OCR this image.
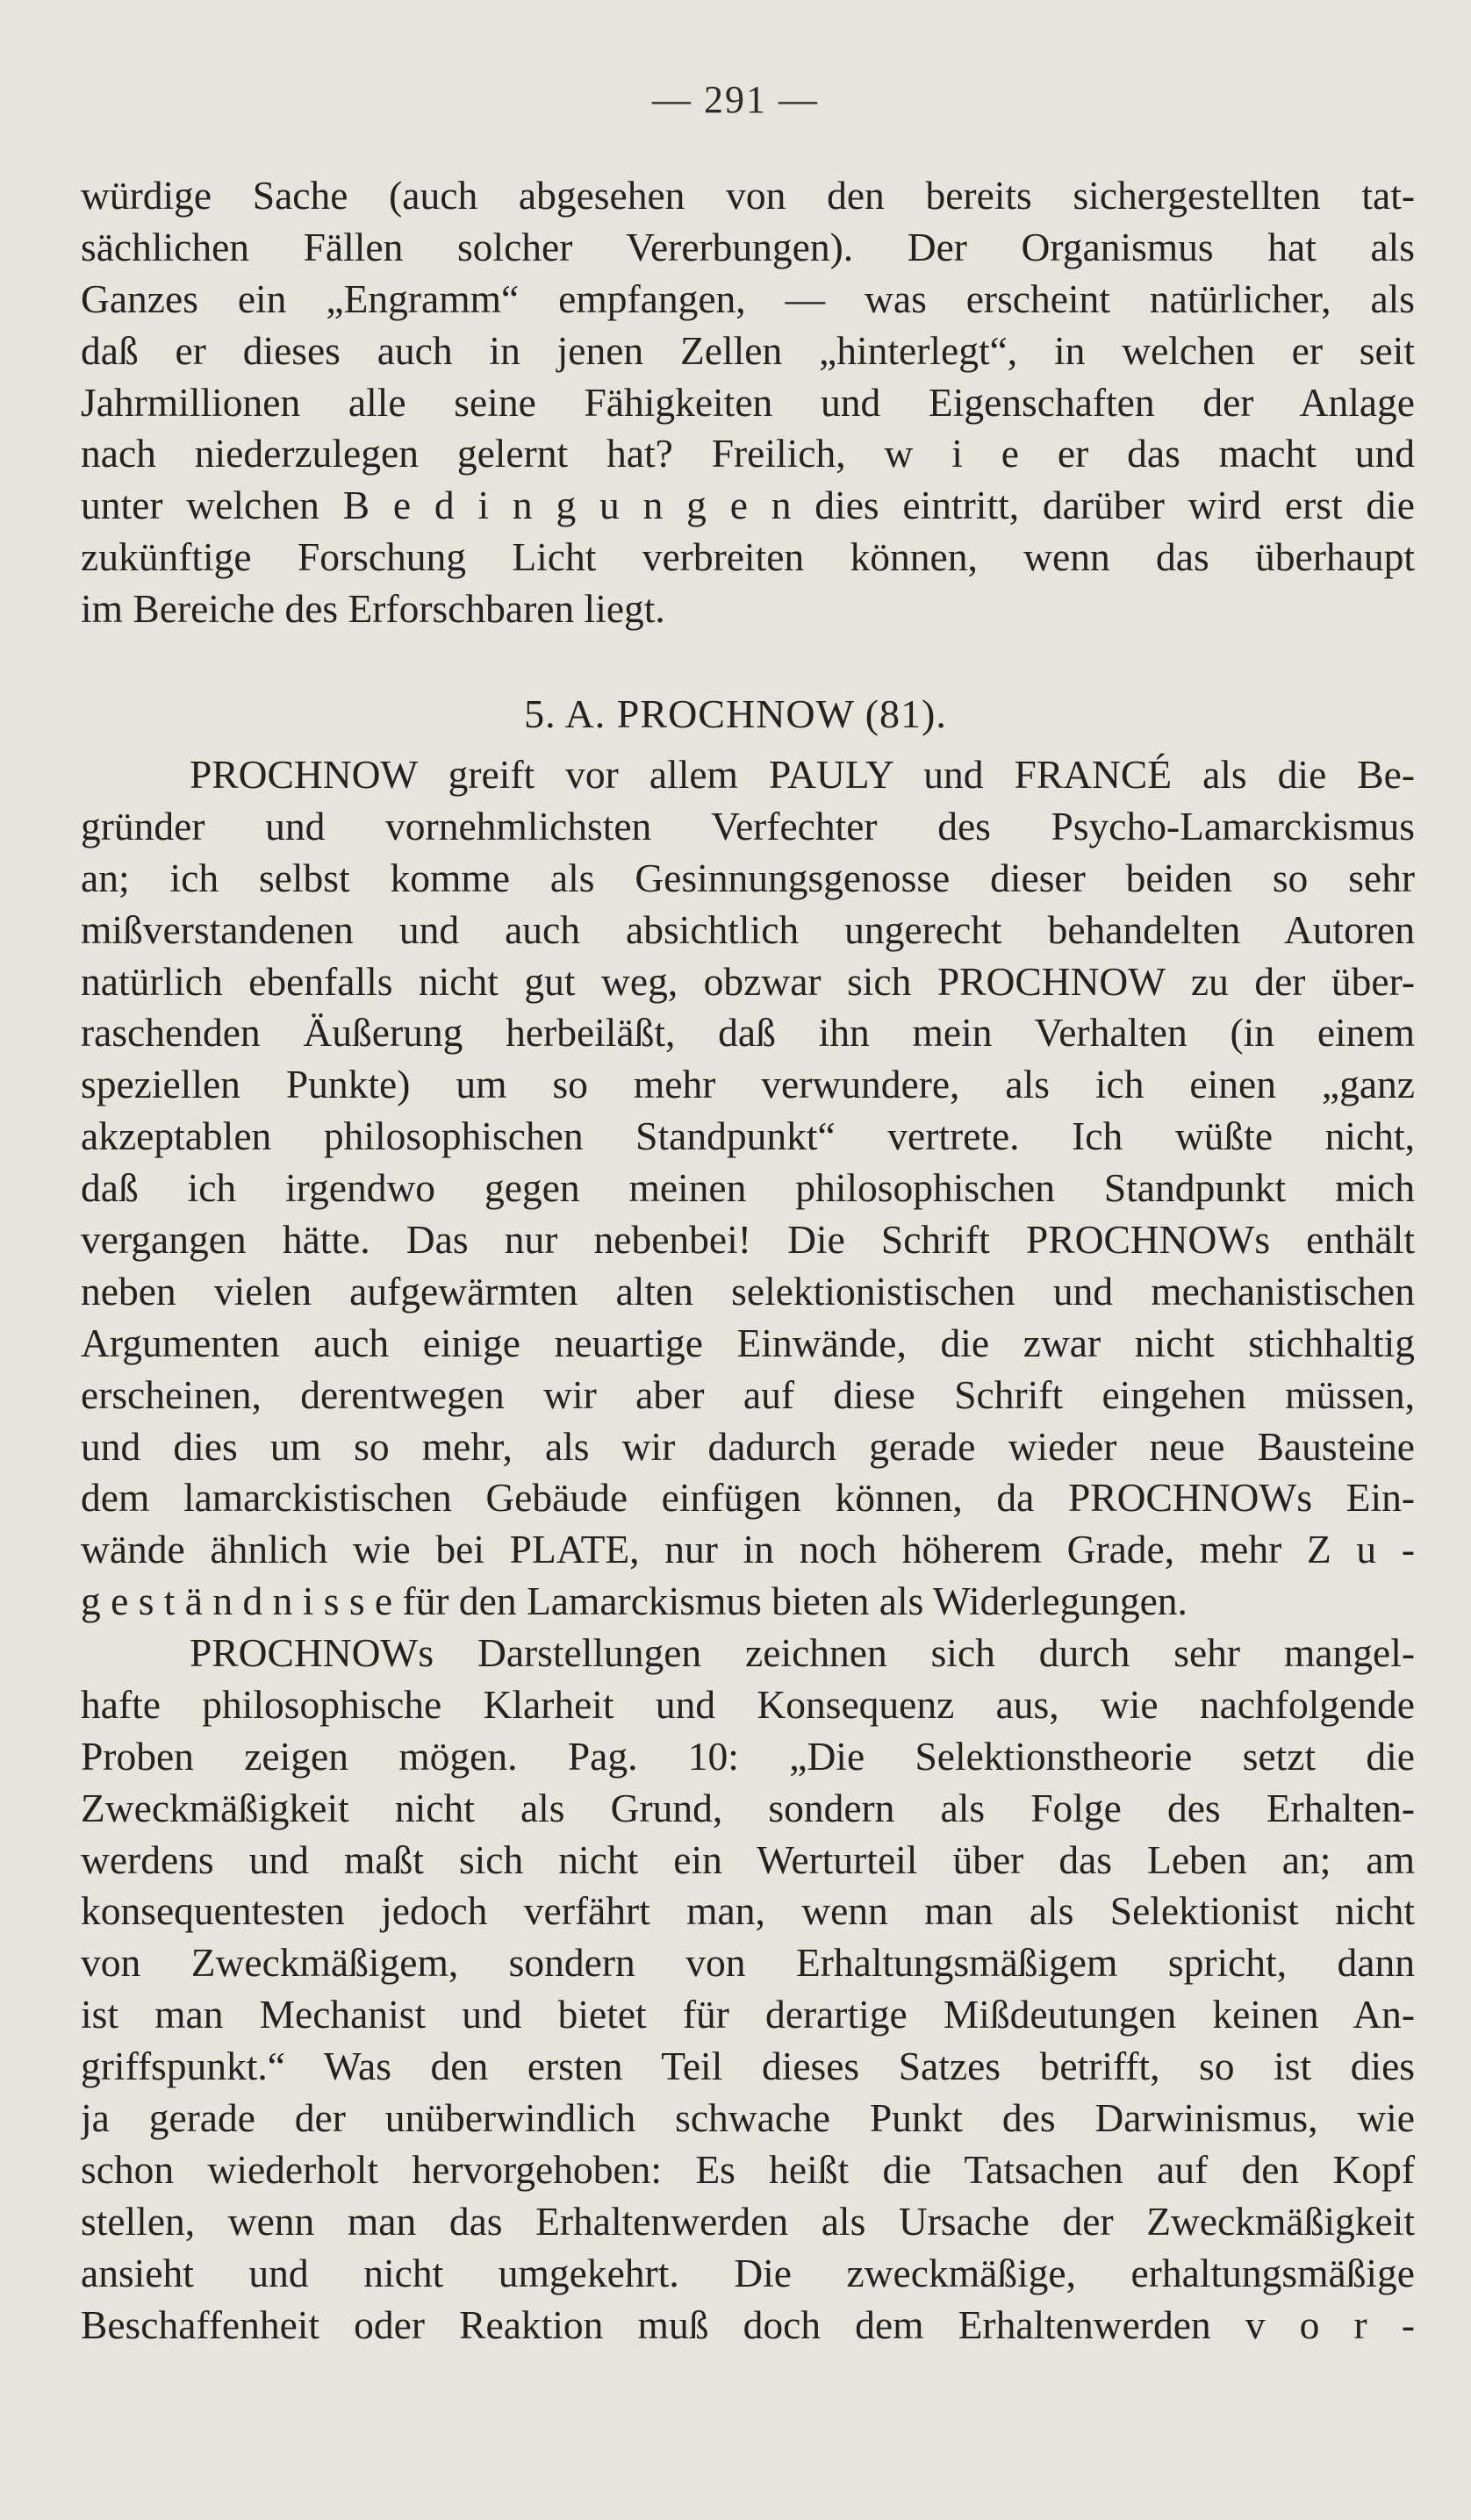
— 291 —
würdige Sache (auch abgesehen von den bereits sichergestellten tat-
sächlichen Fällen solcher Vererbungen). Der Organismus hat als
Ganzes ein „Engramm“ empfangen, — was erscheint natürlicher, als
daß er dieses auch in jenen Zellen „hinterlegt“, in welchen er seit
Jahrmillionen alle seine Fähigkeiten und Eigenschaften der Anlage
nach niederzulegen gelernt hat? Freilich, w i e er das macht und
unter welchen B e d i n g u n g e n dies eintritt, darüber wird erst die
zukünftige Forschung Licht verbreiten können, wenn das überhaupt
im Bereiche des Erforschbaren liegt.
5. A. PROCHNOW (81).
PROCHNOW greift vor allem PAULY und FRANCÉ als die Be-
gründer und vornehmlichsten Verfechter des Psycho-Lamarckismus
an; ich selbst komme als Gesinnungsgenosse dieser beiden so sehr
mißverstandenen und auch absichtlich ungerecht behandelten Autoren
natürlich ebenfalls nicht gut weg, obzwar sich PROCHNOW zu der über-
raschenden Äußerung herbeiläßt, daß ihn mein Verhalten (in einem
speziellen Punkte) um so mehr verwundere, als ich einen „ganz
akzeptablen philosophischen Standpunkt“ vertrete. Ich wüßte nicht,
daß ich irgendwo gegen meinen philosophischen Standpunkt mich
vergangen hätte. Das nur nebenbei! Die Schrift PROCHNOWs enthält
neben vielen aufgewärmten alten selektionistischen und mechanistischen
Argumenten auch einige neuartige Einwände, die zwar nicht stichhaltig
erscheinen, derentwegen wir aber auf diese Schrift eingehen müssen,
und dies um so mehr, als wir dadurch gerade wieder neue Bausteine
dem lamarckistischen Gebäude einfügen können, da PROCHNOWs Ein-
wände ähnlich wie bei PLATE, nur in noch höherem Grade, mehr Z u -
g e s t ä n d n i s s e für den Lamarckismus bieten als Widerlegungen.
PROCHNOWs Darstellungen zeichnen sich durch sehr mangel-
hafte philosophische Klarheit und Konsequenz aus, wie nachfolgende
Proben zeigen mögen. Pag. 10: „Die Selektionstheorie setzt die
Zweckmäßigkeit nicht als Grund, sondern als Folge des Erhalten-
werdens und maßt sich nicht ein Werturteil über das Leben an; am
konsequentesten jedoch verfährt man, wenn man als Selektionist nicht
von Zweckmäßigem, sondern von Erhaltungsmäßigem spricht, dann
ist man Mechanist und bietet für derartige Mißdeutungen keinen An-
griffspunkt.“ Was den ersten Teil dieses Satzes betrifft, so ist dies
ja gerade der unüberwindlich schwache Punkt des Darwinismus, wie
schon wiederholt hervorgehoben: Es heißt die Tatsachen auf den Kopf
stellen, wenn man das Erhaltenwerden als Ursache der Zweckmäßigkeit
ansieht und nicht umgekehrt. Die zweckmäßige, erhaltungsmäßige
Beschaffenheit oder Reaktion muß doch dem Erhaltenwerden v o r -
